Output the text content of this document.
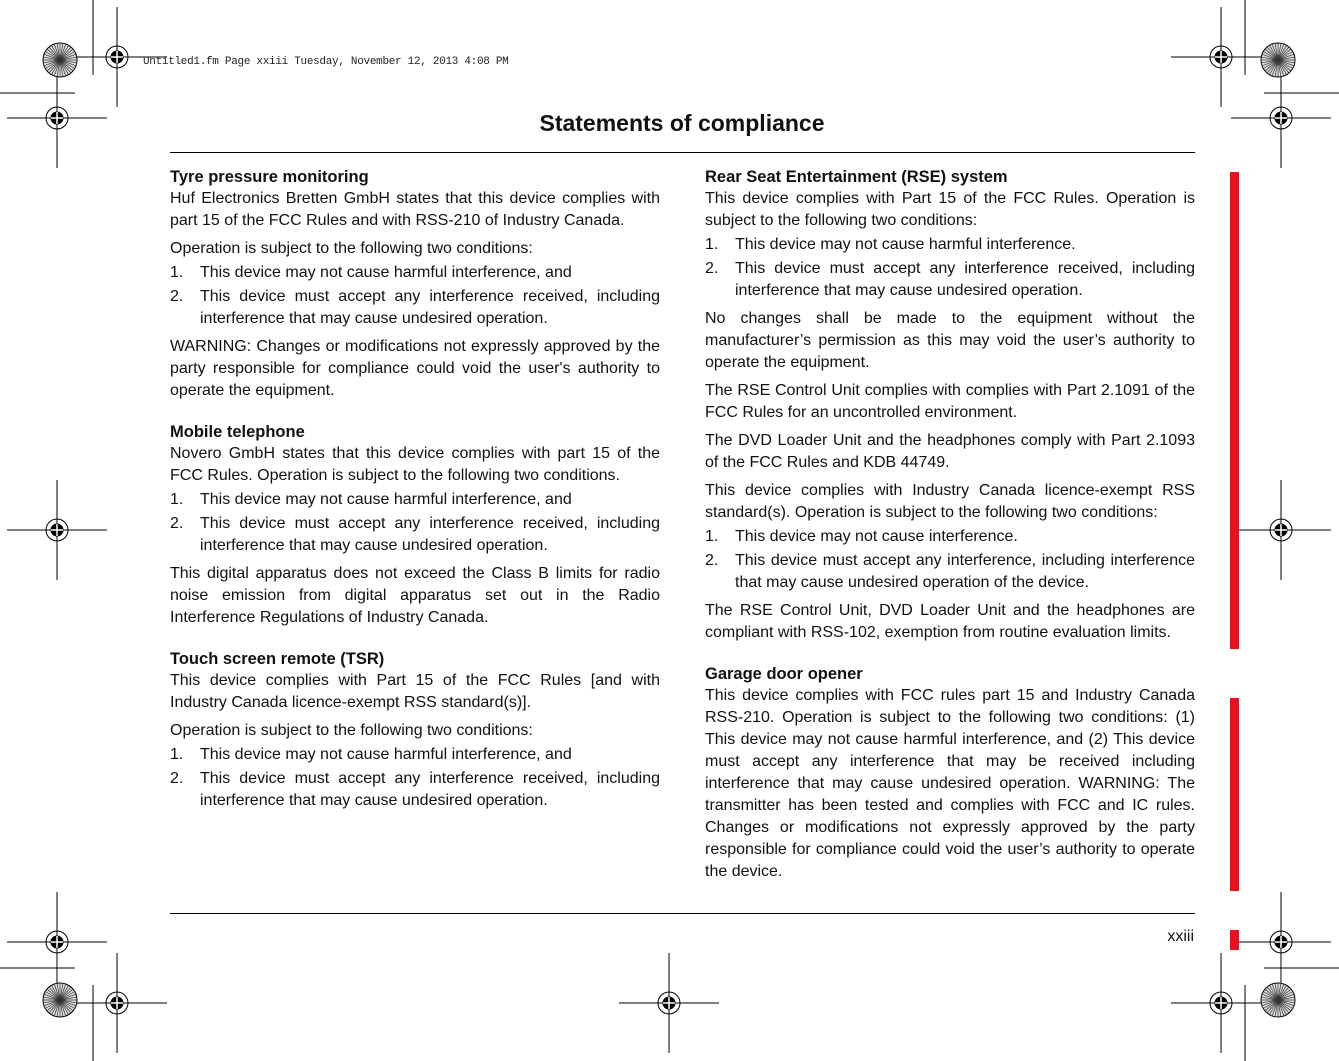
Untitled1.fm Page xxiii Tuesday, November 12, 2013 4:08 PM
Statements of compliance
Tyre pressure monitoring

Huf Electronics Bretten GmbH states that this device complies with part 15 of the FCC Rules and with RSS-210 of Industry Canada.

Operation is subject to the following two conditions:

1. This device may not cause harmful interference, and
2. This device must accept any interference received, including interference that may cause undesired operation.

WARNING: Changes or modifications not expressly approved by the party responsible for compliance could void the user's authority to operate the equipment.

Mobile telephone

Novero GmbH states that this device complies with part 15 of the FCC Rules. Operation is subject to the following two conditions.

1. This device may not cause harmful interference, and
2. This device must accept any interference received, including interference that may cause undesired operation.

This digital apparatus does not exceed the Class B limits for radio noise emission from digital apparatus set out in the Radio Interference Regulations of Industry Canada.

Touch screen remote (TSR)

This device complies with Part 15 of the FCC Rules [and with Industry Canada licence-exempt RSS standard(s)].

Operation is subject to the following two conditions:

1. This device may not cause harmful interference, and
2. This device must accept any interference received, including interference that may cause undesired operation.
Rear Seat Entertainment (RSE) system

This device complies with Part 15 of the FCC Rules. Operation is subject to the following two conditions:

1. This device may not cause harmful interference.
2. This device must accept any interference received, including interference that may cause undesired operation.

No changes shall be made to the equipment without the manufacturer’s permission as this may void the user’s authority to operate the equipment.

The RSE Control Unit complies with complies with Part 2.1091 of the FCC Rules for an uncontrolled environment.

The DVD Loader Unit and the headphones comply with Part 2.1093 of the FCC Rules and KDB 44749.

This device complies with Industry Canada licence-exempt RSS standard(s). Operation is subject to the following two conditions:

1. This device may not cause interference.
2. This device must accept any interference, including interference that may cause undesired operation of the device.

The RSE Control Unit, DVD Loader Unit and the headphones are compliant with RSS-102, exemption from routine evaluation limits.

Garage door opener

This device complies with FCC rules part 15 and Industry Canada RSS-210. Operation is subject to the following two conditions: (1) This device may not cause harmful interference, and (2) This device must accept any interference that may be received including interference that may cause undesired operation. WARNING: The transmitter has been tested and complies with FCC and IC rules. Changes or modifications not expressly approved by the party responsible for compliance could void the user’s authority to operate the device.

xxiii
